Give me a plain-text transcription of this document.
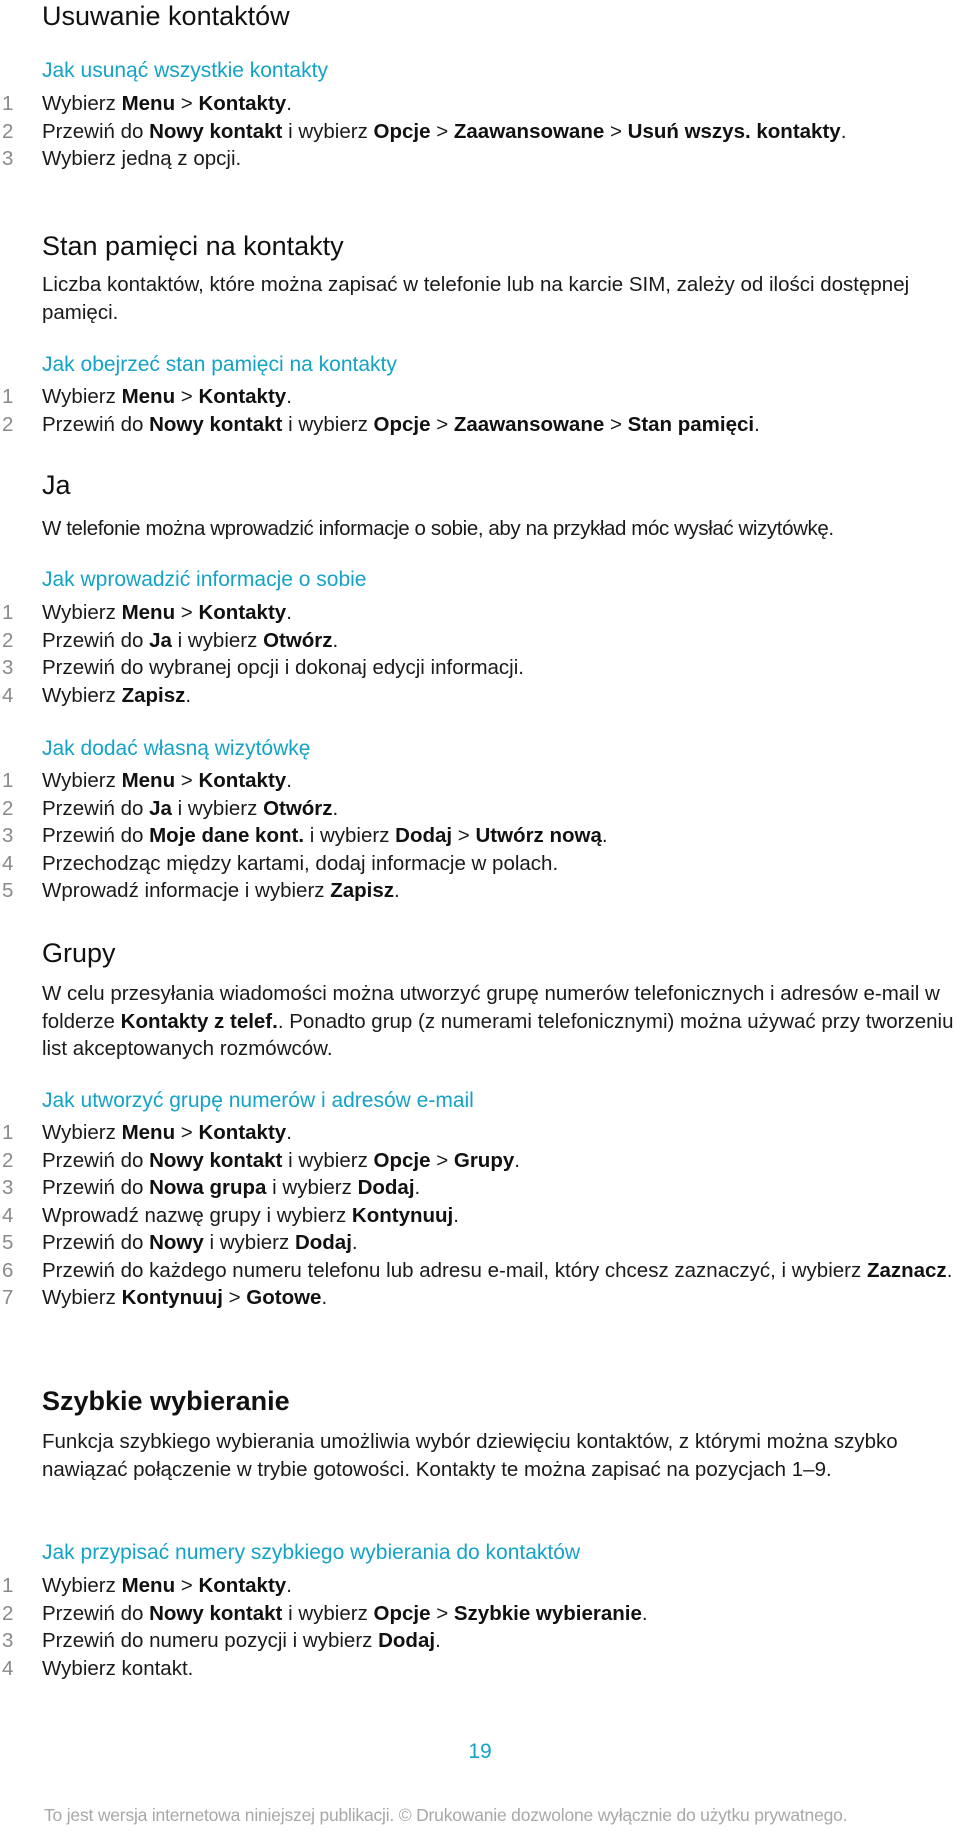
Usuwanie kontaktów
Jak usunąć wszystkie kontakty
1 Wybierz Menu > Kontakty.
2 Przewiń do Nowy kontakt i wybierz Opcje > Zaawansowane > Usuń wszys. kontakty.
3 Wybierz jedną z opcji.
Stan pamięci na kontakty

Liczba kontaktów, które można zapisać w telefonie lub na karcie SIM, zależy od ilości dostępnej pamięci.

Jak obejrzeć stan pamięci na kontakty
1 Wybierz Menu > Kontakty.
2 Przewiń do Nowy kontakt i wybierz Opcje > Zaawansowane > Stan pamięci.
Ja

W telefonie można wprowadzić informacje o sobie, aby na przykład móc wysłać wizytówkę.

Jak wprowadzić informacje o sobie
1 Wybierz Menu > Kontakty.
2 Przewiń do Ja i wybierz Otwórz.
3 Przewiń do wybranej opcji i dokonaj edycji informacji.
4 Wybierz Zapisz.
Jak dodać własną wizytówkę
1 Wybierz Menu > Kontakty.
2 Przewiń do Ja i wybierz Otwórz.
3 Przewiń do Moje dane kont. i wybierz Dodaj > Utwórz nową.
4 Przechodząc między kartami, dodaj informacje w polach.
5 Wprowadź informacje i wybierz Zapisz.
Grupy

W celu przesyłania wiadomości można utworzyć grupę numerów telefonicznych i adresów e-mail w folderze Kontakty z telef.. Ponadto grup (z numerami telefonicznymi) można używać przy tworzeniu list akceptowanych rozmówców.

Jak utworzyć grupę numerów i adresów e-mail
1 Wybierz Menu > Kontakty.
2 Przewiń do Nowy kontakt i wybierz Opcje > Grupy.
3 Przewiń do Nowa grupa i wybierz Dodaj.
4 Wprowadź nazwę grupy i wybierz Kontynuuj.
5 Przewiń do Nowy i wybierz Dodaj.
6 Przewiń do każdego numeru telefonu lub adresu e-mail, który chcesz zaznaczyć, i wybierz Zaznacz.
7 Wybierz Kontynuuj > Gotowe.
Szybkie wybieranie

Funkcja szybkiego wybierania umożliwia wybór dziewięciu kontaktów, z którymi można szybko nawiązać połączenie w trybie gotowości. Kontakty te można zapisać na pozycjach 1–9.

Jak przypisać numery szybkiego wybierania do kontaktów
1 Wybierz Menu > Kontakty.
2 Przewiń do Nowy kontakt i wybierz Opcje > Szybkie wybieranie.
3 Przewiń do numeru pozycji i wybierz Dodaj.
4 Wybierz kontakt.
19
To jest wersja internetowa niniejszej publikacji. © Drukowanie dozwolone wyłącznie do użytku prywatnego.
